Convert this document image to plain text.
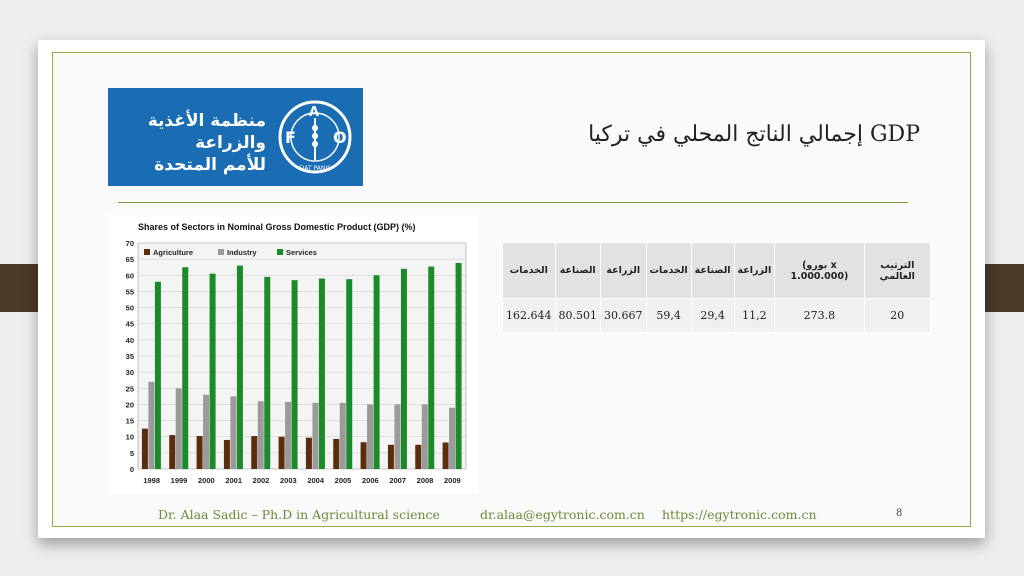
منظمة الأغذية والزراعة
للأمم المتحدة
F
A
O
FIAT PANIS
إجمالي الناتج المحلي في تركيا GDP
Shares of Sectors in Nominal Gross Domestic Product (GDP) (%)
0
5
10
15
20
25
30
35
40
45
50
55
60
65
70
1998 1999 2000 2001 2002 2003 2004 2005 2006 2007 2008 2009
Agriculture	Industry	Services
الخدمات	الصناعة	الزراعة	الخدمات	الصناعة	الزراعة	(بورو x 1.000.000)	الترتيب العالمي
162.644	80.501	30.667	59,4	29,4	11,2	273.8	20
Dr. Alaa Sadic – Ph.D in Agricultural science	dr.alaa@egytronic.com.cn https://egytronic.com.cn	8
